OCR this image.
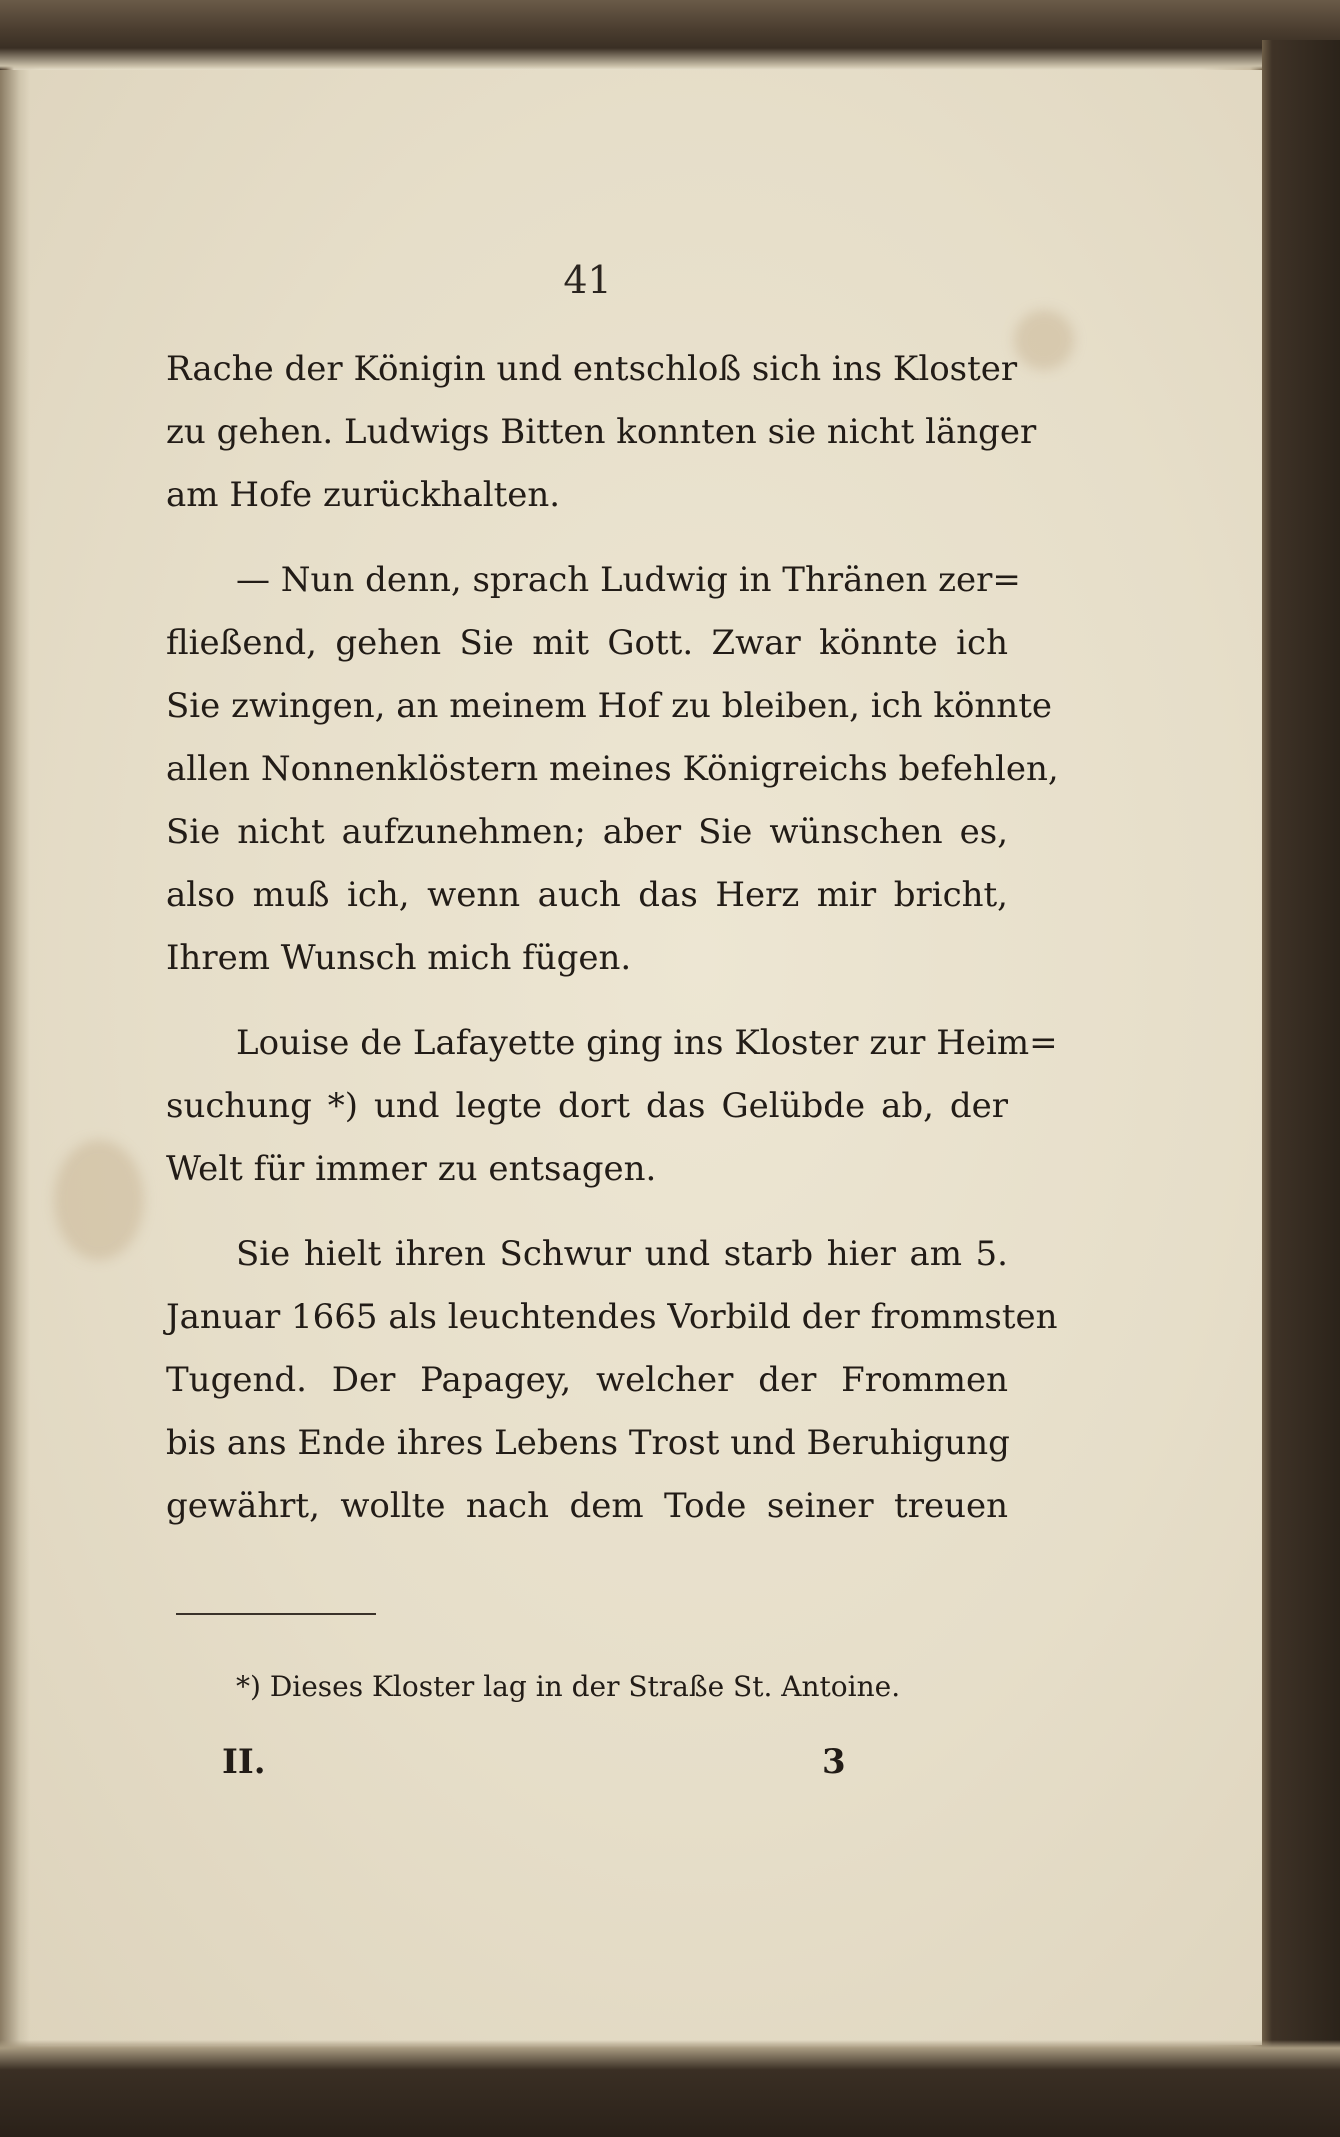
41
Rache der Königin und entschloß sich ins Kloster
zu gehen. Ludwigs Bitten konnten sie nicht länger
am Hofe zurückhalten.
— Nun denn, sprach Ludwig in Thränen zer=
fließend, gehen Sie mit Gott. Zwar könnte ich
Sie zwingen, an meinem Hof zu bleiben, ich könnte
allen Nonnenklöstern meines Königreichs befehlen,
Sie nicht aufzunehmen; aber Sie wünschen es,
also muß ich, wenn auch das Herz mir bricht,
Ihrem Wunsch mich fügen.
Louise de Lafayette ging ins Kloster zur Heim=
suchung *) und legte dort das Gelübde ab, der
Welt für immer zu entsagen.
Sie hielt ihren Schwur und starb hier am 5.
Januar 1665 als leuchtendes Vorbild der frommsten
Tugend. Der Papagey, welcher der Frommen
bis ans Ende ihres Lebens Trost und Beruhigung
gewährt, wollte nach dem Tode seiner treuen
*) Dieses Kloster lag in der Straße St. Antoine.
II.	3
